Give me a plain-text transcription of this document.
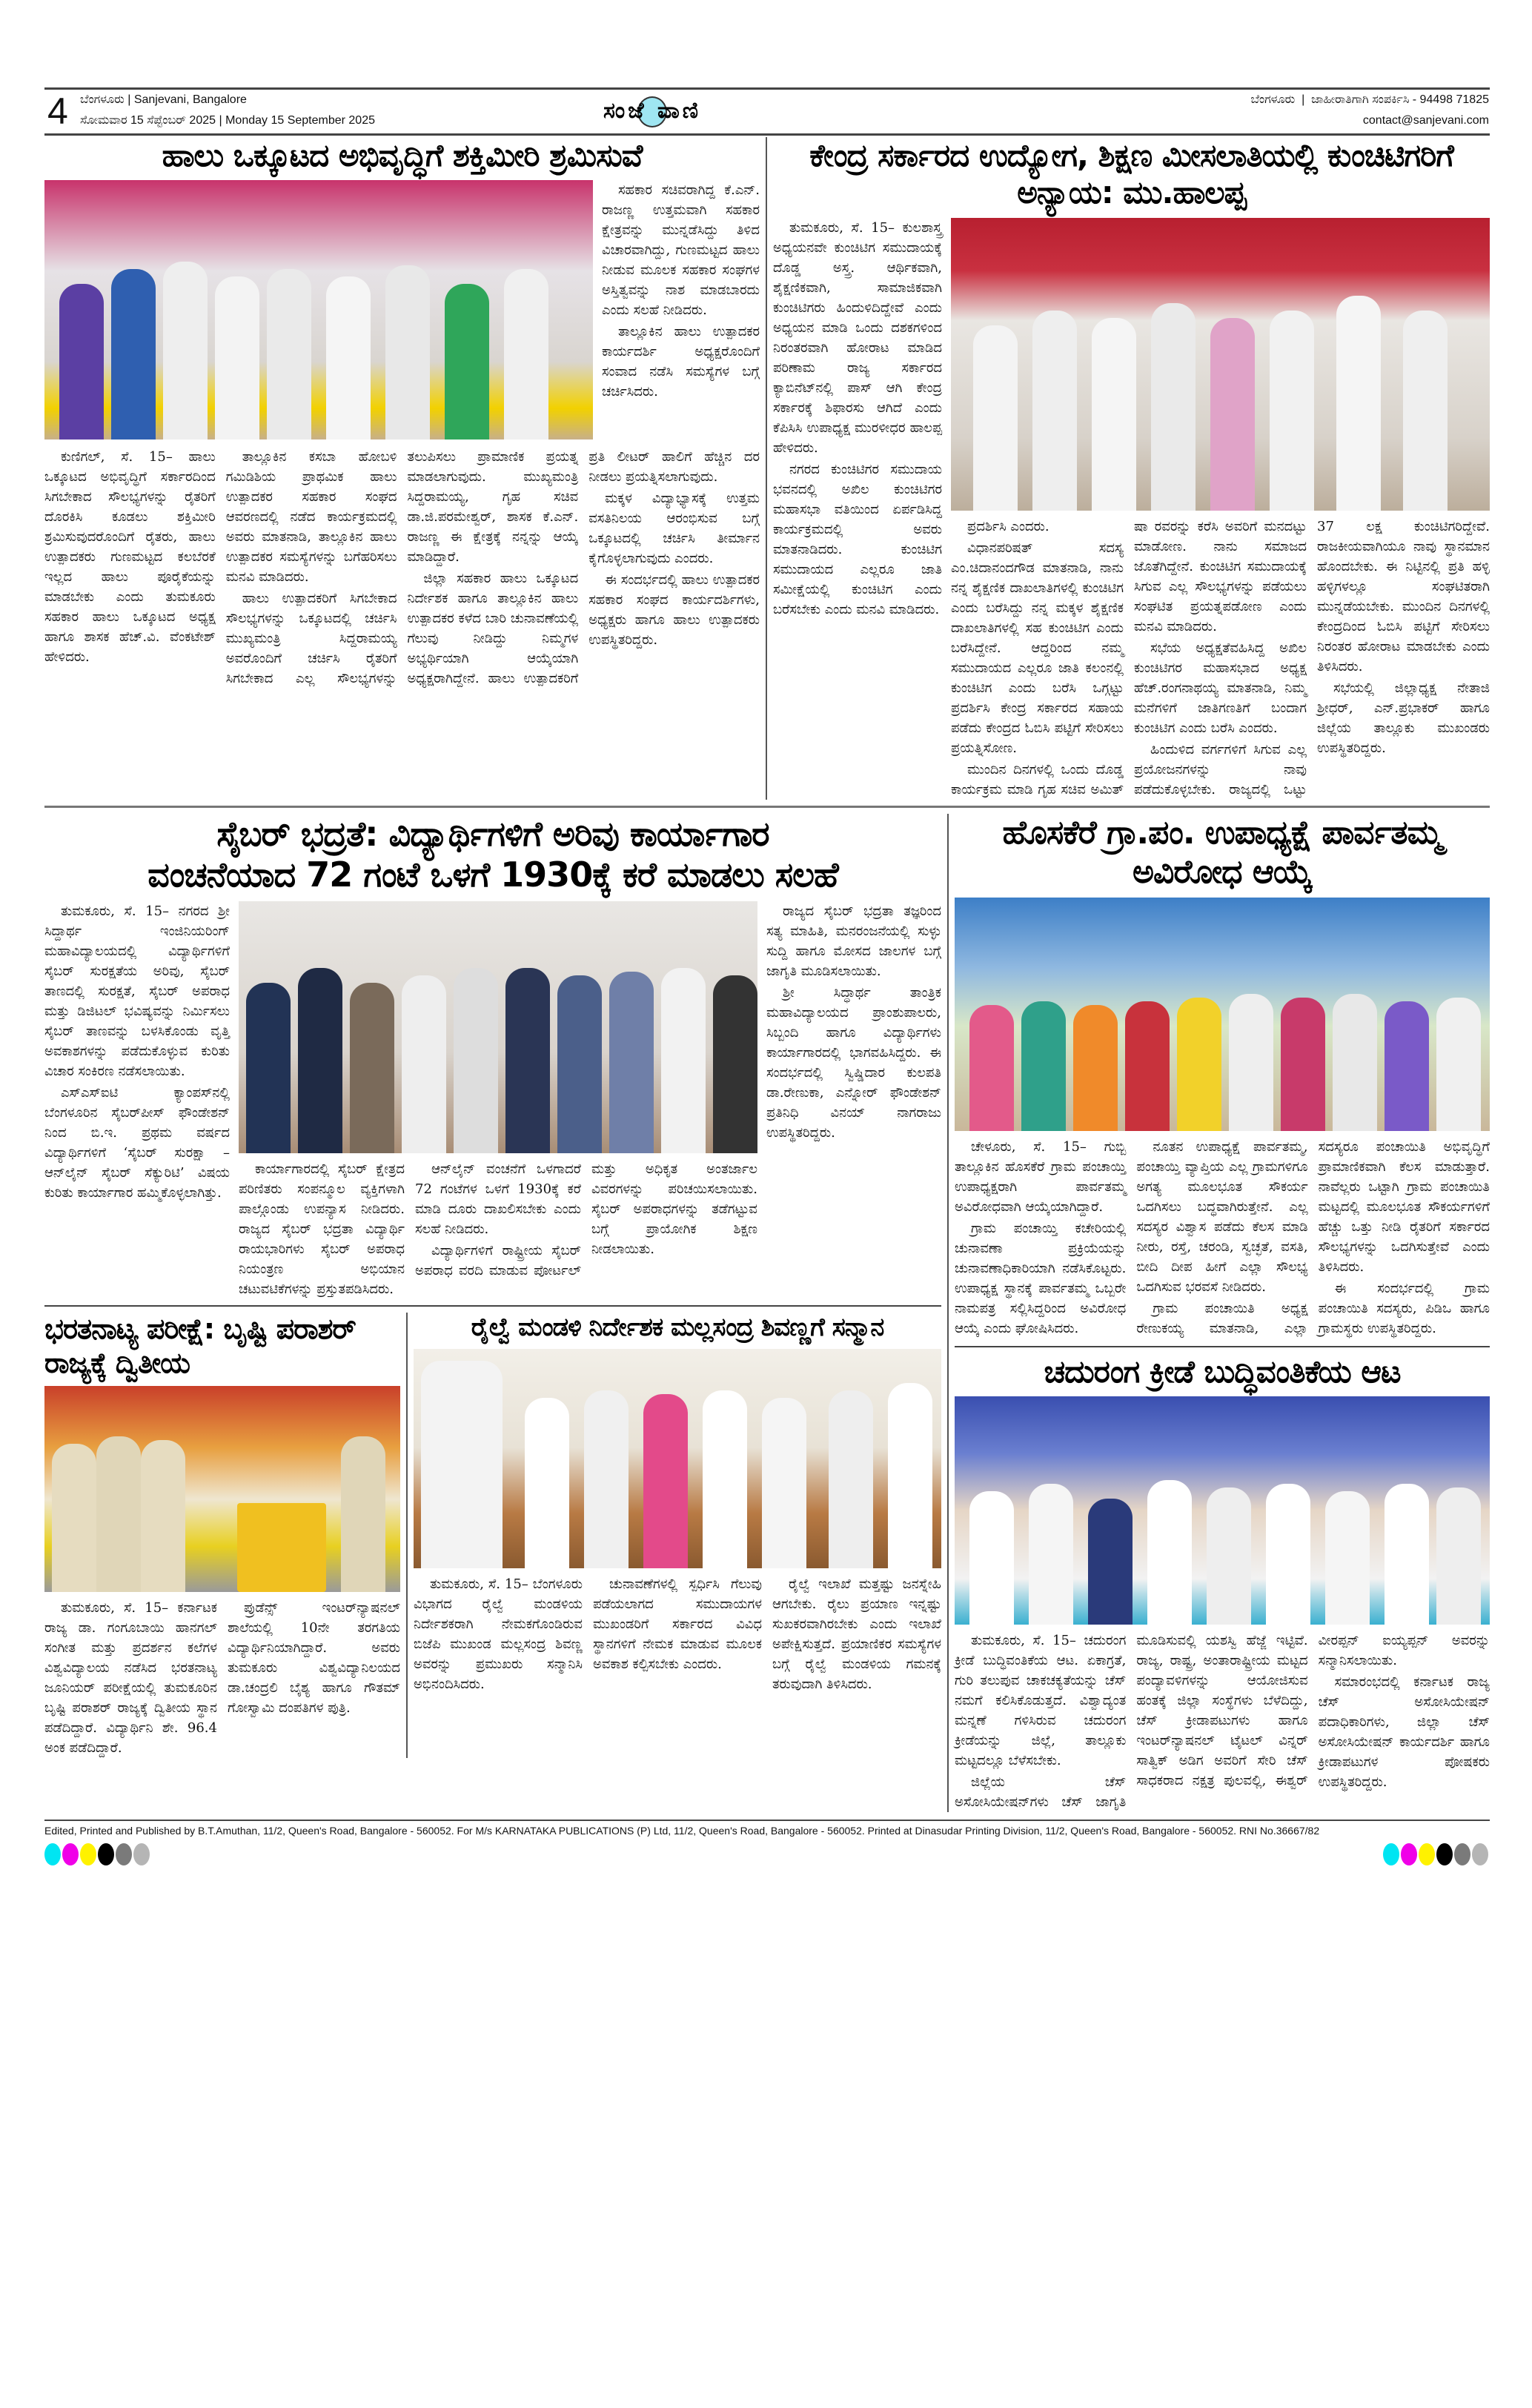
4 ಬೆಂಗಳೂರು | Sanjevani, Bangalore
ಸೋಮವಾರ 15 ಸೆಪ್ಟೆಂಬರ್ 2025 | Monday 15 September 2025	ಸಂಜೆ ವಾಣಿ	ಬೆಂಗಳೂರು  |  ಜಾಹೀರಾತಿಗಾಗಿ ಸಂಪರ್ಕಿಸಿ - 94498 71825
contact@sanjevani.com
ಹಾಲು ಒಕ್ಕೂಟದ ಅಭಿವೃದ್ಧಿಗೆ ಶಕ್ತಿಮೀರಿ ಶ್ರಮಿಸುವೆ

ಸಹಕಾರ ಸಚಿವರಾಗಿದ್ದ ಕೆ.ಎನ್. ರಾಜಣ್ಣ ಉತ್ತಮವಾಗಿ ಸಹಕಾರ ಕ್ಷೇತ್ರವನ್ನು ಮುನ್ನಡೆಸಿದ್ದು ತಿಳಿದ ವಿಚಾರವಾಗಿದ್ದು, ಗುಣಮಟ್ಟದ ಹಾಲು ನೀಡುವ ಮೂಲಕ ಸಹಕಾರ ಸಂಘಗಳ ಅಸ್ತಿತ್ವವನ್ನು ನಾಶ ಮಾಡಬಾರದು ಎಂದು ಸಲಹೆ ನೀಡಿದರು.

ತಾಲ್ಲೂಕಿನ ಹಾಲು ಉತ್ಪಾದಕರ ಕಾರ್ಯದರ್ಶಿ ಅಧ್ಯಕ್ಷರೊಂದಿಗೆ ಸಂವಾದ ನಡೆಸಿ ಸಮಸ್ಯೆಗಳ ಬಗ್ಗೆ ಚರ್ಚಿಸಿದರು.

ಕುಣಿಗಲ್, ಸೆ. 15– ಹಾಲು ಒಕ್ಕೂಟದ ಅಭಿವೃದ್ಧಿಗೆ ಸರ್ಕಾರದಿಂದ ಸಿಗಬೇಕಾದ ಸೌಲಭ್ಯಗಳನ್ನು ರೈತರಿಗೆ ದೊರಕಿಸಿ ಕೂಡಲು ಶಕ್ತಿಮೀರಿ ಶ್ರಮಿಸುವುದರೊಂದಿಗೆ ರೈತರು, ಹಾಲು ಉತ್ಪಾದಕರು ಗುಣಮಟ್ಟದ ಕಲಬೆರಕೆ ಇಲ್ಲದ ಹಾಲು ಪೂರೈಕೆಯನ್ನು ಮಾಡಬೇಕು ಎಂದು ತುಮಕೂರು ಸಹಕಾರ ಹಾಲು ಒಕ್ಕೂಟದ ಅಧ್ಯಕ್ಷ ಹಾಗೂ ಶಾಸಕ ಹೆಚ್.ವಿ. ವೆಂಕಟೇಶ್ ಹೇಳಿದರು.

ತಾಲ್ಲೂಕಿನ ಕಸಬಾ ಹೋಬಳಿ ಗಮಿಡಿಶಿಯ ಪ್ರಾಥಮಿಕ ಹಾಲು ಉತ್ಪಾದಕರ ಸಹಕಾರ ಸಂಘದ ಆವರಣದಲ್ಲಿ ನಡೆದ ಕಾರ್ಯಕ್ರಮದಲ್ಲಿ ಅವರು ಮಾತನಾಡಿ, ತಾಲ್ಲೂಕಿನ ಹಾಲು ಉತ್ಪಾದಕರ ಸಮಸ್ಯೆಗಳನ್ನು ಬಗೆಹರಿಸಲು ಮನವಿ ಮಾಡಿದರು.

ಹಾಲು ಉತ್ಪಾದಕರಿಗೆ ಸಿಗಬೇಕಾದ ಸೌಲಭ್ಯಗಳನ್ನು ಒಕ್ಕೂಟದಲ್ಲಿ ಚರ್ಚಿಸಿ ಮುಖ್ಯಮಂತ್ರಿ ಸಿದ್ದರಾಮಯ್ಯ ಅವರೊಂದಿಗೆ ಚರ್ಚಿಸಿ ರೈತರಿಗೆ ಸಿಗಬೇಕಾದ ಎಲ್ಲ ಸೌಲಭ್ಯಗಳನ್ನು ತಲುಪಿಸಲು ಪ್ರಾಮಾಣಿಕ ಪ್ರಯತ್ನ ಮಾಡಲಾಗುವುದು. ಮುಖ್ಯಮಂತ್ರಿ ಸಿದ್ದರಾಮಯ್ಯ, ಗೃಹ ಸಚಿವ ಡಾ.ಜಿ.ಪರಮೇಶ್ವರ್, ಶಾಸಕ ಕೆ.ಎನ್. ರಾಜಣ್ಣ ಈ ಕ್ಷೇತ್ರಕ್ಕೆ ನನ್ನನ್ನು ಆಯ್ಕೆ ಮಾಡಿದ್ದಾರೆ.

ಜಿಲ್ಲಾ ಸಹಕಾರ ಹಾಲು ಒಕ್ಕೂಟದ ನಿರ್ದೇಶಕ ಹಾಗೂ ತಾಲ್ಲೂಕಿನ ಹಾಲು ಉತ್ಪಾದಕರ ಕಳೆದ ಬಾರಿ ಚುನಾವಣೆಯಲ್ಲಿ ಗೆಲುವು ನೀಡಿದ್ದು ನಿಮ್ಮಗಳ ಅಭ್ಯರ್ಥಿಯಾಗಿ ಆಯ್ಕೆಯಾಗಿ ಅಧ್ಯಕ್ಷರಾಗಿದ್ದೇನೆ. ಹಾಲು ಉತ್ಪಾದಕರಿಗೆ ಪ್ರತಿ ಲೀಟರ್ ಹಾಲಿಗೆ ಹೆಚ್ಚಿನ ದರ ನೀಡಲು ಪ್ರಯತ್ನಿಸಲಾಗುವುದು.

ಮಕ್ಕಳ ವಿದ್ಯಾಭ್ಯಾಸಕ್ಕೆ ಉತ್ತಮ ವಸತಿನಿಲಯ ಆರಂಭಿಸುವ ಬಗ್ಗೆ ಒಕ್ಕೂಟದಲ್ಲಿ ಚರ್ಚಿಸಿ ತೀರ್ಮಾನ ಕೈಗೊಳ್ಳಲಾಗುವುದು ಎಂದರು.

ಈ ಸಂದರ್ಭದಲ್ಲಿ ಹಾಲು ಉತ್ಪಾದಕರ ಸಹಕಾರ ಸಂಘದ ಕಾರ್ಯದರ್ಶಿಗಳು, ಅಧ್ಯಕ್ಷರು ಹಾಗೂ ಹಾಲು ಉತ್ಪಾದಕರು ಉಪಸ್ಥಿತರಿದ್ದರು.

ಕೇಂದ್ರ ಸರ್ಕಾರದ ಉದ್ಯೋಗ, ಶಿಕ್ಷಣ ಮೀಸಲಾತಿಯಲ್ಲಿ ಕುಂಚಿಟಿಗರಿಗೆ ಅನ್ಯಾಯ: ಮು.ಹಾಲಪ್ಪ

ತುಮಕೂರು, ಸೆ. 15– ಕುಲಶಾಸ್ತ್ರ ಅಧ್ಯಯನವೇ ಕುಂಚಿಟಿಗ ಸಮುದಾಯಕ್ಕೆ ದೊಡ್ಡ ಅಸ್ತ್ರ. ಆರ್ಥಿಕವಾಗಿ, ಶೈಕ್ಷಣಿಕವಾಗಿ, ಸಾಮಾಜಿಕವಾಗಿ ಕುಂಚಿಟಿಗರು ಹಿಂದುಳಿದಿದ್ದೇವೆ ಎಂದು ಅಧ್ಯಯನ ಮಾಡಿ ಒಂದು ದಶಕಗಳಿಂದ ನಿರಂತರವಾಗಿ ಹೋರಾಟ ಮಾಡಿದ ಪರಿಣಾಮ ರಾಜ್ಯ ಸರ್ಕಾರದ ಕ್ಯಾಬಿನೆಟ್‌ನಲ್ಲಿ ಪಾಸ್ ಆಗಿ ಕೇಂದ್ರ ಸರ್ಕಾರಕ್ಕೆ ಶಿಫಾರಸು ಆಗಿದೆ ಎಂದು ಕೆಪಿಸಿಸಿ ಉಪಾಧ್ಯಕ್ಷ ಮುರಳೀಧರ ಹಾಲಪ್ಪ ಹೇಳಿದರು.

ನಗರದ ಕುಂಚಿಟಿಗರ ಸಮುದಾಯ ಭವನದಲ್ಲಿ ಅಖಿಲ ಕುಂಚಿಟಿಗರ ಮಹಾಸಭಾ ವತಿಯಿಂದ ಏರ್ಪಡಿಸಿದ್ದ ಕಾರ್ಯಕ್ರಮದಲ್ಲಿ ಅವರು ಮಾತನಾಡಿದರು. ಕುಂಚಿಟಿಗ ಸಮುದಾಯದ ಎಲ್ಲರೂ ಜಾತಿ ಸಮೀಕ್ಷೆಯಲ್ಲಿ ಕುಂಚಿಟಿಗ ಎಂದು ಬರೆಸಬೇಕು ಎಂದು ಮನವಿ ಮಾಡಿದರು.

ಪ್ರದರ್ಶಿಸಿ ಎಂದರು.

ವಿಧಾನಪರಿಷತ್ ಸದಸ್ಯ ಎಂ.ಚಿದಾನಂದಗೌಡ ಮಾತನಾಡಿ, ನಾನು ನನ್ನ ಶೈಕ್ಷಣಿಕ ದಾಖಲಾತಿಗಳಲ್ಲಿ ಕುಂಚಿಟಿಗ ಎಂದು ಬರೆಸಿದ್ದು ನನ್ನ ಮಕ್ಕಳ ಶೈಕ್ಷಣಿಕ ದಾಖಲಾತಿಗಳಲ್ಲಿ ಸಹ ಕುಂಚಿಟಿಗ ಎಂದು ಬರೆಸಿದ್ದೇನೆ. ಆದ್ದರಿಂದ ನಮ್ಮ ಸಮುದಾಯದ ಎಲ್ಲರೂ ಜಾತಿ ಕಲಂನಲ್ಲಿ ಕುಂಚಿಟಿಗ ಎಂದು ಬರೆಸಿ ಒಗ್ಗಟ್ಟು ಪ್ರದರ್ಶಿಸಿ ಕೇಂದ್ರ ಸರ್ಕಾರದ ಸಹಾಯ ಪಡೆದು ಕೇಂದ್ರದ ಓಬಿಸಿ ಪಟ್ಟಿಗೆ ಸೇರಿಸಲು ಪ್ರಯತ್ನಿಸೋಣ.

ಮುಂದಿನ ದಿನಗಳಲ್ಲಿ ಒಂದು ದೊಡ್ಡ ಕಾರ್ಯಕ್ರಮ ಮಾಡಿ ಗೃಹ ಸಚಿವ ಅಮಿತ್ ಷಾ ರವರನ್ನು ಕರೆಸಿ ಅವರಿಗೆ ಮನದಟ್ಟು ಮಾಡೋಣ. ನಾನು ಸಮಾಜದ ಜೊತೆಗಿದ್ದೇನೆ. ಕುಂಚಿಟಿಗ ಸಮುದಾಯಕ್ಕೆ ಸಿಗುವ ಎಲ್ಲ ಸೌಲಭ್ಯಗಳನ್ನು ಪಡೆಯಲು ಸಂಘಟಿತ ಪ್ರಯತ್ನಪಡೋಣ ಎಂದು ಮನವಿ ಮಾಡಿದರು.

ಸಭೆಯ ಅಧ್ಯಕ್ಷತೆವಹಿಸಿದ್ದ ಅಖಿಲ ಕುಂಚಿಟಿಗರ ಮಹಾಸಭಾದ ಅಧ್ಯಕ್ಷ ಹೆಚ್.ರಂಗನಾಥಯ್ಯ ಮಾತನಾಡಿ, ನಿಮ್ಮ ಮನೆಗಳಿಗೆ ಜಾತಿಗಣತಿಗೆ ಬಂದಾಗ ಕುಂಚಿಟಿಗ ಎಂದು ಬರೆಸಿ ಎಂದರು.

ಹಿಂದುಳಿದ ವರ್ಗಗಳಿಗೆ ಸಿಗುವ ಎಲ್ಲ ಪ್ರಯೋಜನಗಳನ್ನು ನಾವು ಪಡೆದುಕೊಳ್ಳಬೇಕು. ರಾಜ್ಯದಲ್ಲಿ ಒಟ್ಟು 37 ಲಕ್ಷ ಕುಂಚಿಟಿಗರಿದ್ದೇವೆ. ರಾಜಕೀಯವಾಗಿಯೂ ನಾವು ಸ್ಥಾನಮಾನ ಹೊಂದಬೇಕು. ಈ ನಿಟ್ಟಿನಲ್ಲಿ ಪ್ರತಿ ಹಳ್ಳಿ ಹಳ್ಳಿಗಳಲ್ಲೂ ಸಂಘಟಿತರಾಗಿ ಮುನ್ನಡೆಯಬೇಕು. ಮುಂದಿನ ದಿನಗಳಲ್ಲಿ ಕೇಂದ್ರದಿಂದ ಓಬಿಸಿ ಪಟ್ಟಿಗೆ ಸೇರಿಸಲು ನಿರಂತರ ಹೋರಾಟ ಮಾಡಬೇಕು ಎಂದು ತಿಳಿಸಿದರು.

ಸಭೆಯಲ್ಲಿ ಜಿಲ್ಲಾಧ್ಯಕ್ಷ ನೇತಾಜಿ ಶ್ರೀಧರ್, ಎನ್.ಪ್ರಭಾಕರ್ ಹಾಗೂ ಜಿಲ್ಲೆಯ ತಾಲ್ಲೂಕು ಮುಖಂಡರು ಉಪಸ್ಥಿತರಿದ್ದರು.

ಸೈಬರ್ ಭದ್ರತೆ: ವಿದ್ಯಾರ್ಥಿಗಳಿಗೆ ಅರಿವು ಕಾರ್ಯಾಗಾರ
ವಂಚನೆಯಾದ 72 ಗಂಟೆ ಒಳಗೆ 1930ಕ್ಕೆ ಕರೆ ಮಾಡಲು ಸಲಹೆ

ತುಮಕೂರು, ಸೆ. 15– ನಗರದ ಶ್ರೀ ಸಿದ್ದಾರ್ಥ ಇಂಜಿನಿಯರಿಂಗ್ ಮಹಾವಿದ್ಯಾಲಯದಲ್ಲಿ ವಿದ್ಯಾರ್ಥಿಗಳಿಗೆ ಸೈಬರ್ ಸುರಕ್ಷತೆಯ ಅರಿವು, ಸೈಬರ್ ತಾಣದಲ್ಲಿ ಸುರಕ್ಷತೆ, ಸೈಬರ್ ಅಪರಾಧ ಮತ್ತು ಡಿಜಿಟಲ್ ಭವಿಷ್ಯವನ್ನು ನಿರ್ಮಿಸಲು ಸೈಬರ್ ತಾಣವನ್ನು ಬಳಸಿಕೊಂಡು ವೃತ್ತಿ ಅವಕಾಶಗಳನ್ನು ಪಡೆದುಕೊಳ್ಳುವ ಕುರಿತು ವಿಚಾರ ಸಂಕಿರಣ ನಡೆಸಲಾಯಿತು.

ಎಸ್‌ಎಸ್‌ಐಟಿ ಕ್ಯಾಂಪಸ್‌ನಲ್ಲಿ ಬೆಂಗಳೂರಿನ ಸೈಬರ್‌ಪೀಸ್ ಫೌಂಡೇಶನ್ ನಿಂದ ಬಿ.ಇ. ಪ್ರಥಮ ವರ್ಷದ ವಿದ್ಯಾರ್ಥಿಗಳಿಗೆ ‘ಸೈಬರ್ ಸುರಕ್ಷಾ – ಆನ್‌ಲೈನ್ ಸೈಬರ್ ಸೆಕ್ಯುರಿಟಿ’ ವಿಷಯ ಕುರಿತು ಕಾರ್ಯಾಗಾರ ಹಮ್ಮಿಕೊಳ್ಳಲಾಗಿತ್ತು.

ಕಾರ್ಯಾಗಾರದಲ್ಲಿ ಸೈಬರ್ ಕ್ಷೇತ್ರದ ಪರಿಣಿತರು ಸಂಪನ್ಮೂಲ ವ್ಯಕ್ತಿಗಳಾಗಿ ಪಾಲ್ಗೊಂಡು ಉಪನ್ಯಾಸ ನೀಡಿದರು. ರಾಜ್ಯದ ಸೈಬರ್ ಭದ್ರತಾ ವಿದ್ಯಾರ್ಥಿ ರಾಯಭಾರಿಗಳು ಸೈಬರ್ ಅಪರಾಧ ನಿಯಂತ್ರಣ ಅಭಿಯಾನ ಚಟುವಟಿಕೆಗಳನ್ನು ಪ್ರಸ್ತುತಪಡಿಸಿದರು.

ಆನ್‌ಲೈನ್ ವಂಚನೆಗೆ ಒಳಗಾದರೆ 72 ಗಂಟೆಗಳ ಒಳಗೆ 1930ಕ್ಕೆ ಕರೆ ಮಾಡಿ ದೂರು ದಾಖಲಿಸಬೇಕು ಎಂದು ಸಲಹೆ ನೀಡಿದರು.

ವಿದ್ಯಾರ್ಥಿಗಳಿಗೆ ರಾಷ್ಟ್ರೀಯ ಸೈಬರ್ ಅಪರಾಧ ವರದಿ ಮಾಡುವ ಪೋರ್ಟಲ್ ಮತ್ತು ಅಧಿಕೃತ ಅಂತರ್ಜಾಲ ವಿವರಗಳನ್ನು ಪರಿಚಯಿಸಲಾಯಿತು. ಸೈಬರ್ ಅಪರಾಧಗಳನ್ನು ತಡೆಗಟ್ಟುವ ಬಗ್ಗೆ ಪ್ರಾಯೋಗಿಕ ಶಿಕ್ಷಣ ನೀಡಲಾಯಿತು.

ರಾಜ್ಯದ ಸೈಬರ್ ಭದ್ರತಾ ತಜ್ಞರಿಂದ ಸತ್ಯ ಮಾಹಿತಿ, ಮನರಂಜನೆಯಲ್ಲಿ ಸುಳ್ಳು ಸುದ್ದಿ ಹಾಗೂ ಮೋಸದ ಜಾಲಗಳ ಬಗ್ಗೆ ಜಾಗೃತಿ ಮೂಡಿಸಲಾಯಿತು.

ಶ್ರೀ ಸಿದ್ಧಾರ್ಥ ತಾಂತ್ರಿಕ ಮಹಾವಿದ್ಯಾಲಯದ ಪ್ರಾಂಶುಪಾಲರು, ಸಿಬ್ಬಂದಿ ಹಾಗೂ ವಿದ್ಯಾರ್ಥಿಗಳು ಕಾರ್ಯಾಗಾರದಲ್ಲಿ ಭಾಗವಹಿಸಿದ್ದರು. ಈ ಸಂದರ್ಭದಲ್ಲಿ ಸ್ವಿಷ್ಡಿದಾರ ಕುಲಪತಿ ಡಾ.ರೇಣುಕಾ, ಎನ್ನೋರ್ ಫೌಂಡೇಶನ್ ಪ್ರತಿನಿಧಿ ವಿನಯ್ ನಾಗರಾಜು ಉಪಸ್ಥಿತರಿದ್ದರು.

ಭರತನಾಟ್ಯ ಪರೀಕ್ಷೆ: ಬೃಷ್ಟಿ ಪರಾಶರ್ ರಾಜ್ಯಕ್ಕೆ ದ್ವಿತೀಯ

ತುಮಕೂರು, ಸೆ. 15– ಕರ್ನಾಟಕ ರಾಜ್ಯ ಡಾ. ಗಂಗೂಬಾಯಿ ಹಾನಗಲ್ ಸಂಗೀತ ಮತ್ತು ಪ್ರದರ್ಶನ ಕಲೆಗಳ ವಿಶ್ವವಿದ್ಯಾಲಯ ನಡೆಸಿದ ಭರತನಾಟ್ಯ ಜೂನಿಯರ್ ಪರೀಕ್ಷೆಯಲ್ಲಿ ತುಮಕೂರಿನ ಬೃಷ್ಟಿ ಪರಾಶರ್ ರಾಜ್ಯಕ್ಕೆ ದ್ವಿತೀಯ ಸ್ಥಾನ ಪಡೆದಿದ್ದಾರೆ. ವಿದ್ಯಾರ್ಥಿನಿ ಶೇ. 96.4 ಅಂಕ ಪಡೆದಿದ್ದಾರೆ.

ಪ್ರುಡೆನ್ಸ್ ಇಂಟರ್‌ನ್ಯಾಷನಲ್ ಶಾಲೆಯಲ್ಲಿ 10ನೇ ತರಗತಿಯ ವಿದ್ಯಾರ್ಥಿನಿಯಾಗಿದ್ದಾರೆ. ಅವರು ತುಮಕೂರು ವಿಶ್ವವಿದ್ಯಾನಿಲಯದ ಡಾ.ಚಂದ್ರಲಿ ಬೈಶ್ಯ ಹಾಗೂ ಗೌತಮ್ ಗೋಸ್ವಾಮಿ ದಂಪತಿಗಳ ಪುತ್ರಿ.

ರೈಲ್ವೆ ಮಂಡಳಿ ನಿರ್ದೇಶಕ ಮಲ್ಲಸಂದ್ರ ಶಿವಣ್ಣಗೆ ಸನ್ಮಾನ

ತುಮಕೂರು, ಸೆ. 15– ಬೆಂಗಳೂರು ವಿಭಾಗದ ರೈಲ್ವೆ ಮಂಡಳಿಯ ನಿರ್ದೇಶಕರಾಗಿ ನೇಮಕಗೊಂಡಿರುವ ಬಿಜೆಪಿ ಮುಖಂಡ ಮಲ್ಲಸಂದ್ರ ಶಿವಣ್ಣ ಅವರನ್ನು ಪ್ರಮುಖರು ಸನ್ಮಾನಿಸಿ ಅಭಿನಂದಿಸಿದರು.

ಚುನಾವಣೆಗಳಲ್ಲಿ ಸ್ಪರ್ಧಿಸಿ ಗೆಲುವು ಪಡೆಯಲಾಗದ ಸಮುದಾಯಗಳ ಮುಖಂಡರಿಗೆ ಸರ್ಕಾರದ ವಿವಿಧ ಸ್ಥಾನಗಳಿಗೆ ನೇಮಕ ಮಾಡುವ ಮೂಲಕ ಅವಕಾಶ ಕಲ್ಪಿಸಬೇಕು ಎಂದರು.

ರೈಲ್ವೆ ಇಲಾಖೆ ಮತ್ತಷ್ಟು ಜನಸ್ನೇಹಿ ಆಗಬೇಕು. ರೈಲು ಪ್ರಯಾಣ ಇನ್ನಷ್ಟು ಸುಖಕರವಾಗಿರಬೇಕು ಎಂದು ಇಲಾಖೆ ಅಪೇಕ್ಷಿಸುತ್ತದೆ. ಪ್ರಯಾಣಿಕರ ಸಮಸ್ಯೆಗಳ ಬಗ್ಗೆ ರೈಲ್ವೆ ಮಂಡಳಿಯ ಗಮನಕ್ಕೆ ತರುವುದಾಗಿ ತಿಳಿಸಿದರು.

ಹೊಸಕೆರೆ ಗ್ರಾ.ಪಂ. ಉಪಾಧ್ಯಕ್ಷೆ ಪಾರ್ವತಮ್ಮ ಅವಿರೋಧ ಆಯ್ಕೆ

ಚೇಳೂರು, ಸೆ. 15– ಗುಬ್ಬಿ ತಾಲ್ಲೂಕಿನ ಹೊಸಕೆರೆ ಗ್ರಾಮ ಪಂಚಾಯ್ತಿ ಉಪಾಧ್ಯಕ್ಷರಾಗಿ ಪಾರ್ವತಮ್ಮ ಅವಿರೋಧವಾಗಿ ಆಯ್ಕೆಯಾಗಿದ್ದಾರೆ.

ಗ್ರಾಮ ಪಂಚಾಯ್ತಿ ಕಚೇರಿಯಲ್ಲಿ ಚುನಾವಣಾ ಪ್ರಕ್ರಿಯೆಯನ್ನು ಚುನಾವಣಾಧಿಕಾರಿಯಾಗಿ ನಡೆಸಿಕೊಟ್ಟರು. ಉಪಾಧ್ಯಕ್ಷ ಸ್ಥಾನಕ್ಕೆ ಪಾರ್ವತಮ್ಮ ಒಬ್ಬರೇ ನಾಮಪತ್ರ ಸಲ್ಲಿಸಿದ್ದರಿಂದ ಅವಿರೋಧ ಆಯ್ಕೆ ಎಂದು ಘೋಷಿಸಿದರು.

ನೂತನ ಉಪಾಧ್ಯಕ್ಷೆ ಪಾರ್ವತಮ್ಮ, ಪಂಚಾಯ್ತಿ ವ್ಯಾಪ್ತಿಯ ಎಲ್ಲ ಗ್ರಾಮಗಳಿಗೂ ಅಗತ್ಯ ಮೂಲಭೂತ ಸೌಕರ್ಯ ಒದಗಿಸಲು ಬದ್ಧವಾಗಿರುತ್ತೇನೆ. ಎಲ್ಲ ಸದಸ್ಯರ ವಿಶ್ವಾಸ ಪಡೆದು ಕೆಲಸ ಮಾಡಿ ನೀರು, ರಸ್ತೆ, ಚರಂಡಿ, ಸ್ವಚ್ಛತೆ, ವಸತಿ, ಬೀದಿ ದೀಪ ಹೀಗೆ ಎಲ್ಲಾ ಸೌಲಭ್ಯ ಒದಗಿಸುವ ಭರವಸೆ ನೀಡಿದರು.

ಗ್ರಾಮ ಪಂಚಾಯಿತಿ ಅಧ್ಯಕ್ಷ ರೇಣುಕಯ್ಯ ಮಾತನಾಡಿ, ಎಲ್ಲಾ ಸದಸ್ಯರೂ ಪಂಚಾಯಿತಿ ಅಭಿವೃದ್ಧಿಗೆ ಪ್ರಾಮಾಣಿಕವಾಗಿ ಕೆಲಸ ಮಾಡುತ್ತಾರೆ. ನಾವೆಲ್ಲರು ಒಟ್ಟಾಗಿ ಗ್ರಾಮ ಪಂಚಾಯಿತಿ ಮಟ್ಟದಲ್ಲಿ ಮೂಲಭೂತ ಸೌಕರ್ಯಗಳಿಗೆ ಹೆಚ್ಚು ಒತ್ತು ನೀಡಿ ರೈತರಿಗೆ ಸರ್ಕಾರದ ಸೌಲಭ್ಯಗಳನ್ನು ಒದಗಿಸುತ್ತೇವೆ ಎಂದು ತಿಳಿಸಿದರು.

ಈ ಸಂದರ್ಭದಲ್ಲಿ ಗ್ರಾಮ ಪಂಚಾಯಿತಿ ಸದಸ್ಯರು, ಪಿಡಿಒ ಹಾಗೂ ಗ್ರಾಮಸ್ಥರು ಉಪಸ್ಥಿತರಿದ್ದರು.

ಚದುರಂಗ ಕ್ರೀಡೆ ಬುದ್ಧಿವಂತಿಕೆಯ ಆಟ

ತುಮಕೂರು, ಸೆ. 15– ಚದುರಂಗ ಕ್ರೀಡೆ ಬುದ್ಧಿವಂತಿಕೆಯ ಆಟ. ಏಕಾಗ್ರತೆ, ಗುರಿ ತಲುಪುವ ಚಾಕಚಕ್ಯತೆಯನ್ನು ಚೆಸ್ ನಮಗೆ ಕಲಿಸಿಕೊಡುತ್ತದೆ. ವಿಶ್ವಾದ್ಯಂತ ಮನ್ನಣೆ ಗಳಿಸಿರುವ ಚದುರಂಗ ಕ್ರೀಡೆಯನ್ನು ಜಿಲ್ಲೆ, ತಾಲ್ಲೂಕು ಮಟ್ಟದಲ್ಲೂ ಬೆಳೆಸಬೇಕು.

ಜಿಲ್ಲೆಯ ಚೆಸ್ ಅಸೋಸಿಯೇಷನ್‌ಗಳು ಚೆಸ್ ಜಾಗೃತಿ ಮೂಡಿಸುವಲ್ಲಿ ಯಶಸ್ವಿ ಹೆಜ್ಜೆ ಇಟ್ಟಿವೆ. ರಾಜ್ಯ, ರಾಷ್ಟ್ರ, ಅಂತಾರಾಷ್ಟ್ರೀಯ ಮಟ್ಟದ ಪಂದ್ಯಾವಳಿಗಳನ್ನು ಆಯೋಜಿಸುವ ಹಂತಕ್ಕೆ ಜಿಲ್ಲಾ ಸಂಸ್ಥೆಗಳು ಬೆಳೆದಿದ್ದು, ಚೆಸ್ ಕ್ರೀಡಾಪಟುಗಳು ಹಾಗೂ ಇಂಟರ್‌ನ್ಯಾಷನಲ್ ಟೈಟಲ್ ವಿನ್ನರ್ ಸಾತ್ವಿಕ್ ಅಡಿಗ ಅವರಿಗೆ ಸೇರಿ ಚೆಸ್ ಸಾಧಕರಾದ ನಕ್ಷತ್ರ ಪುಲವಲ್ಲಿ, ಈಶ್ವರ್ ವೀರಪ್ಪನ್ ಐಯ್ಯಪ್ಪನ್ ಅವರನ್ನು ಸನ್ಮಾನಿಸಲಾಯಿತು.

ಸಮಾರಂಭದಲ್ಲಿ ಕರ್ನಾಟಕ ರಾಜ್ಯ ಚೆಸ್ ಅಸೋಸಿಯೇಷನ್ ಪದಾಧಿಕಾರಿಗಳು, ಜಿಲ್ಲಾ ಚೆಸ್ ಅಸೋಸಿಯೇಷನ್ ಕಾರ್ಯದರ್ಶಿ ಹಾಗೂ ಕ್ರೀಡಾಪಟುಗಳ ಪೋಷಕರು ಉಪಸ್ಥಿತರಿದ್ದರು.

Edited, Printed and Published by B.T.Amuthan, 11/2, Queen's Road, Bangalore - 560052. For M/s KARNATAKA PUBLICATIONS (P) Ltd, 11/2, Queen's Road, Bangalore - 560052. Printed at Dinasudar Printing Division, 11/2, Queen's Road, Bangalore - 560052. RNI No.36667/82
